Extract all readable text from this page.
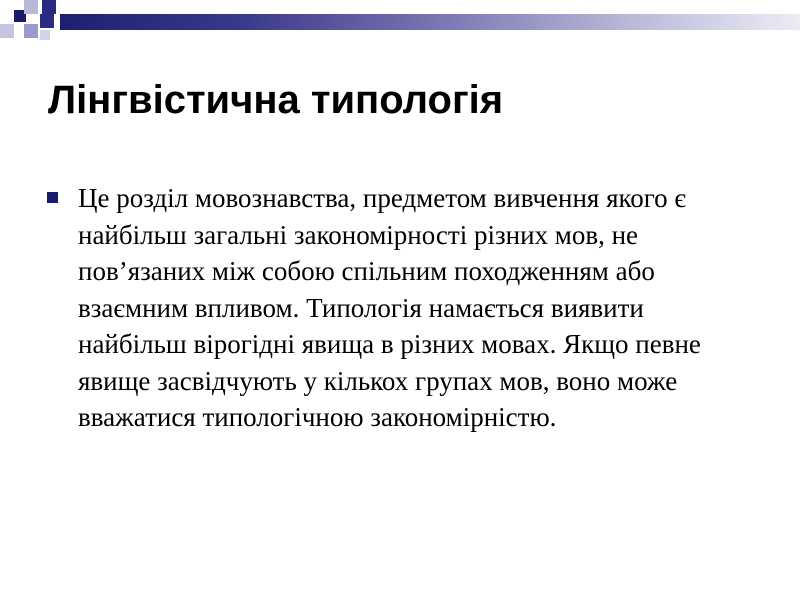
Лінгвістична типологія
Це розділ мовознавства, предметом вивчення якого є найбільш загальні закономірності різних мов, не пов’язаних між собою спільним походженням або взаємним впливом. Типологія намається виявити найбільш вірогідні явища в різних мовах. Якщо певне явище засвідчують у кількох групах мов, воно може вважатися типологічною закономірністю.
